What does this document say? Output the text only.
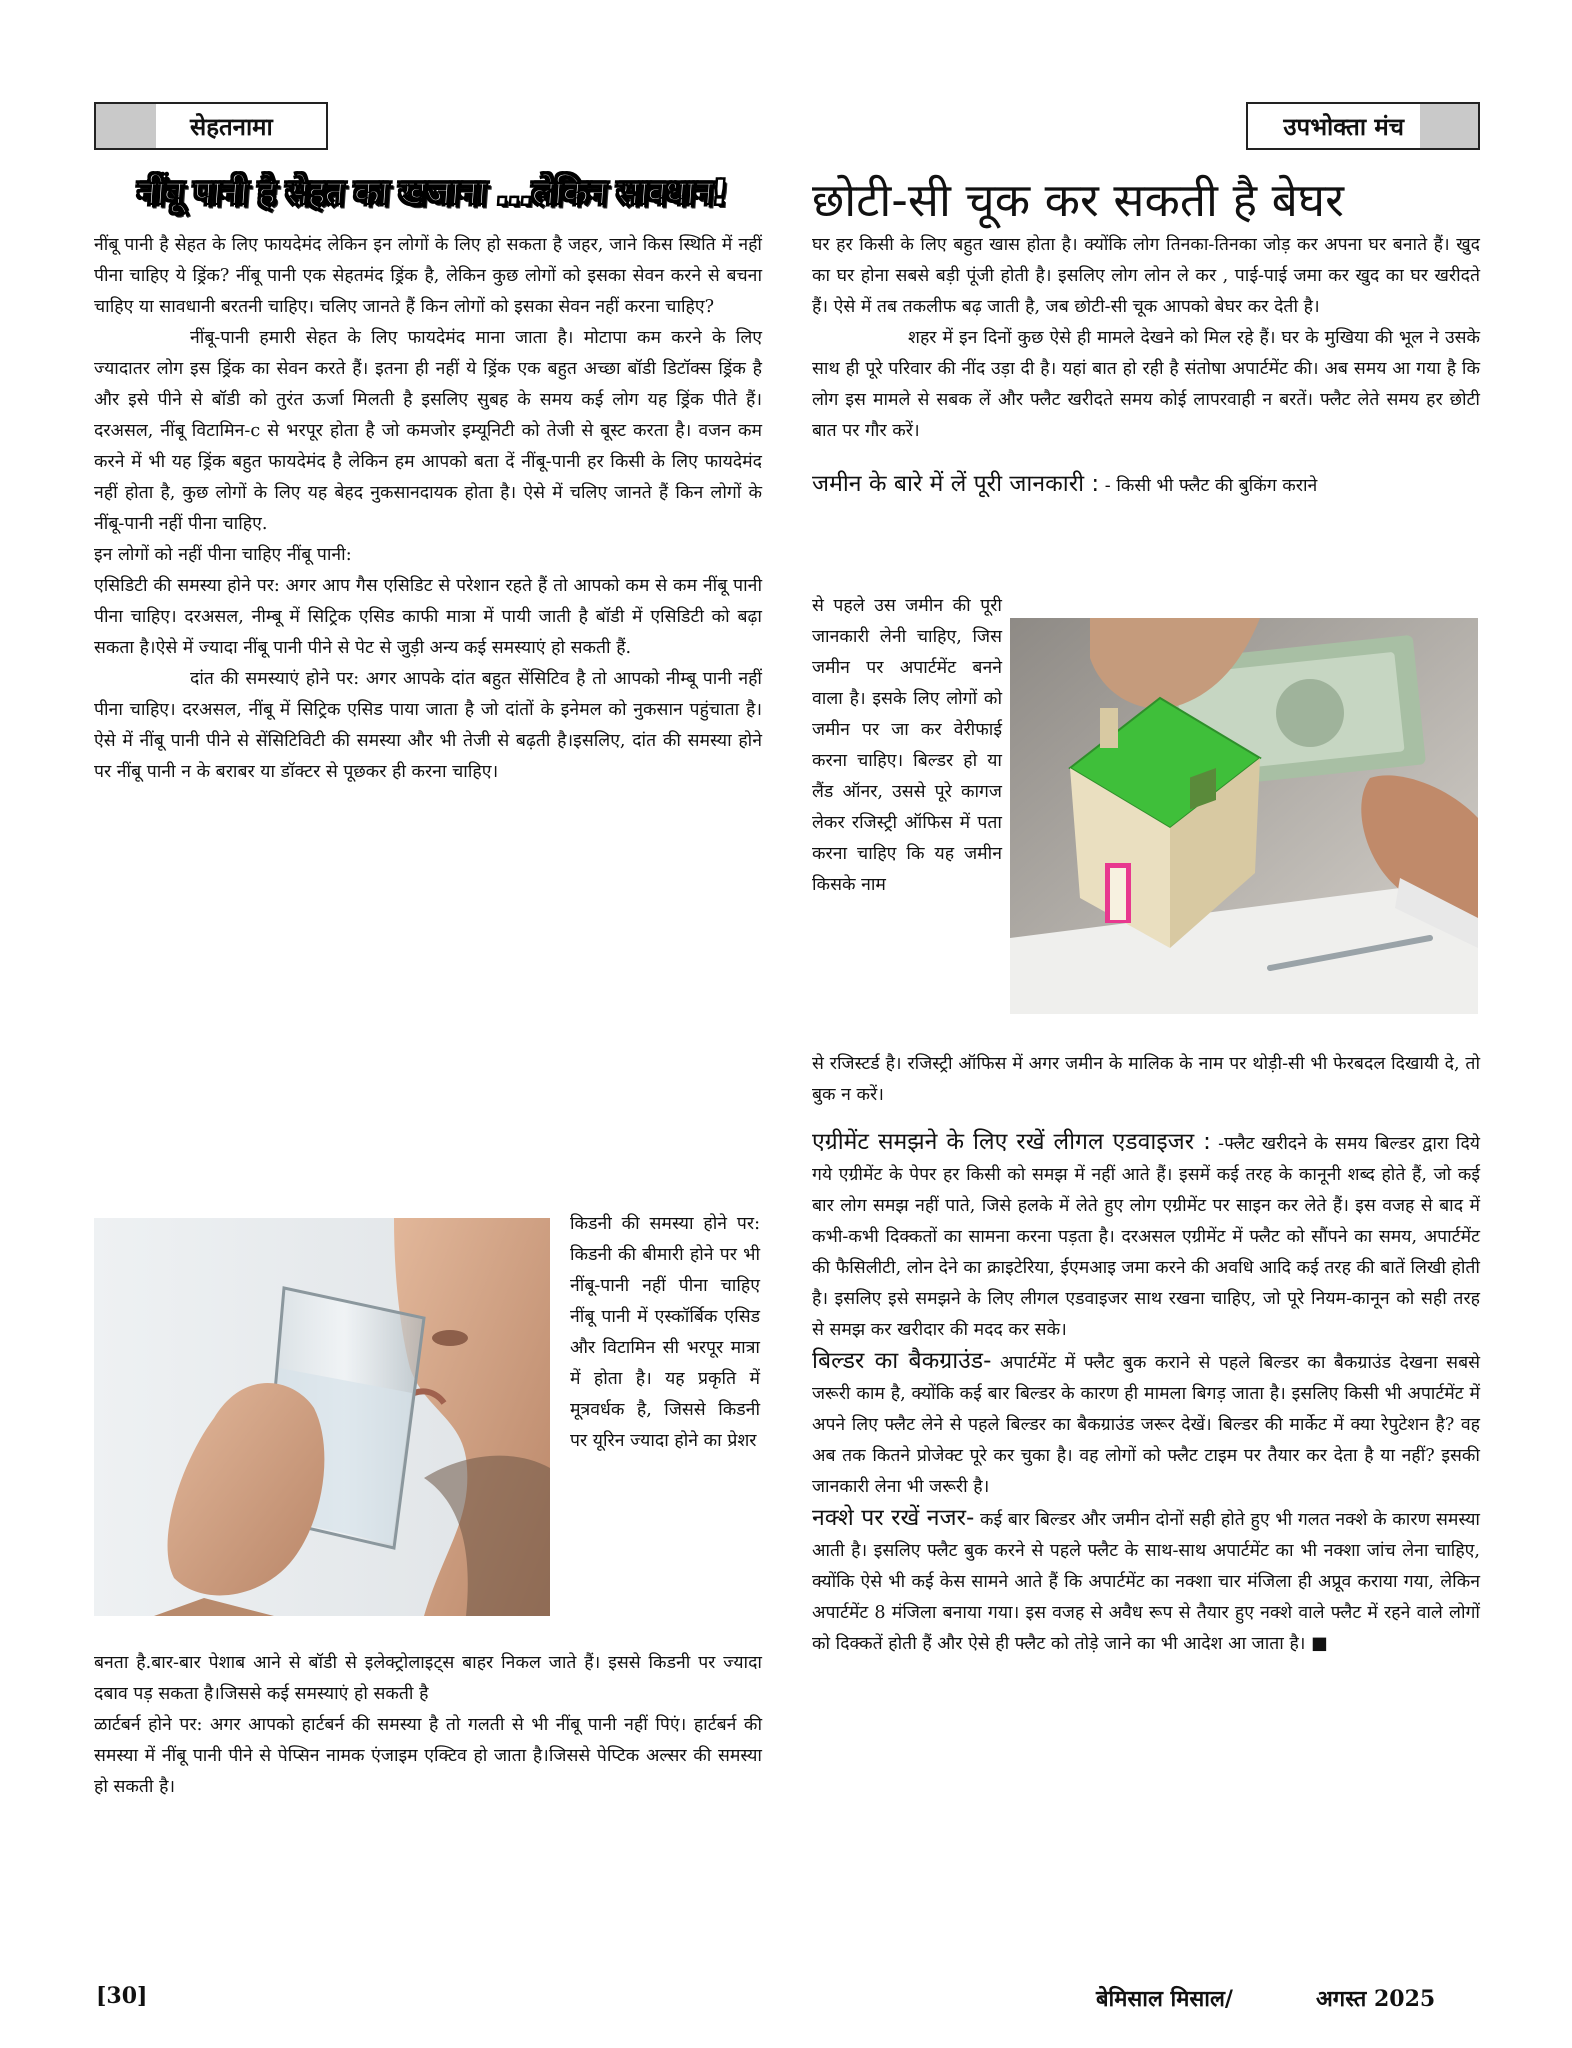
सेहतनामा	उपभोक्ता मंच
नींबू पानी है सेहत का खजाना ...लेकिन सावधान!	छोटी-सी चूक कर सकती है बेघर

नींबू पानी है सेहत के लिए फायदेमंद लेकिन इन लोगों के लिए हो सकता है जहर, जाने किस स्थिति में नहीं पीना चाहिए ये ड्रिंक? नींबू पानी एक सेहतमंद ड्रिंक है, लेकिन कुछ लोगों को इसका सेवन करने से बचना चाहिए या सावधानी बरतनी चाहिए। चलिए जानते हैं किन लोगों को इसका सेवन नहीं करना चाहिए?

नींबू-पानी हमारी सेहत के लिए फायदेमंद माना जाता है। मोटापा कम करने के लिए ज्यादातर लोग इस ड्रिंक का सेवन करते हैं। इतना ही नहीं ये ड्रिंक एक बहुत अच्छा बॉडी डिटॉक्स ड्रिंक है और इसे पीने से बॉडी को तुरंत ऊर्जा मिलती है इसलिए सुबह के समय कई लोग यह ड्रिंक पीते हैं। दरअसल, नींबू विटामिन-c से भरपूर होता है जो कमजोर इम्यूनिटी को तेजी से बूस्ट करता है। वजन कम करने में भी यह ड्रिंक बहुत फायदेमंद है लेकिन हम आपको बता दें नींबू-पानी हर किसी के लिए फायदेमंद नहीं होता है, कुछ लोगों के लिए यह बेहद नुकसानदायक होता है। ऐसे में चलिए जानते हैं किन लोगों के नींबू-पानी नहीं पीना चाहिए.

इन लोगों को नहीं पीना चाहिए नींबू पानी:

एसिडिटी की समस्या होने पर: अगर आप गैस एसिडिट से परेशान रहते हैं तो आपको कम से कम नींबू पानी पीना चाहिए। दरअसल, नीम्बू में सिट्रिक एसिड काफी मात्रा में पायी जाती है बॉडी में एसिडिटी को बढ़ा सकता है।ऐसे में ज्यादा नींबू पानी पीने से पेट से जुड़ी अन्य कई समस्याएं हो सकती हैं.

दांत की समस्याएं होने पर: अगर आपके दांत बहुत सेंसिटिव है तो आपको नीम्बू पानी नहीं पीना चाहिए। दरअसल, नींबू में सिट्रिक एसिड पाया जाता है जो दांतों के इनेमल को नुकसान पहुंचाता है।ऐसे में नींबू पानी पीने से सेंसिटिविटी की समस्या और भी तेजी से बढ़ती है।इसलिए, दांत की समस्या होने पर नींबू पानी न के बराबर या डॉक्टर से पूछकर ही करना चाहिए।

किडनी की समस्या होने पर: किडनी की बीमारी होने पर भी नींबू-पानी नहीं पीना चाहिए नींबू पानी में एस्कॉर्बिक एसिड और विटामिन सी भरपूर मात्रा में होता है। यह प्रकृति में मूत्रवर्धक है, जिससे किडनी पर यूरिन ज्यादा होने का प्रेशर

बनता है.बार-बार पेशाब आने से बॉडी से इलेक्ट्रोलाइट्स बाहर निकल जाते हैं। इससे किडनी पर ज्यादा दबाव पड़ सकता है।जिससे कई समस्याएं हो सकती है

ळार्टबर्न होने पर: अगर आपको हार्टबर्न की समस्या है तो गलती से भी नींबू पानी नहीं पिएं। हार्टबर्न की समस्या में नींबू पानी पीने से पेप्सिन नामक एंजाइम एक्टिव हो जाता है।जिससे पेप्टिक अल्सर की समस्या हो सकती है।

घर हर किसी के लिए बहुत खास होता है। क्योंकि लोग तिनका-तिनका जोड़ कर अपना घर बनाते हैं। खुद का घर होना सबसे बड़ी पूंजी होती है। इसलिए लोग लोन ले कर , पाई-पाई जमा कर खुद का घर खरीदते हैं। ऐसे में तब तकलीफ बढ़ जाती है, जब छोटी-सी चूक आपको बेघर कर देती है।

शहर में इन दिनों कुछ ऐसे ही मामले देखने को मिल रहे हैं। घर के मुखिया की भूल ने उसके साथ ही पूरे परिवार की नींद उड़ा दी है। यहां बात हो रही है संतोषा अपार्टमेंट की। अब समय आ गया है कि लोग इस मामले से सबक लें और फ्लैट खरीदते समय कोई लापरवाही न बरतें। फ्लैट लेते समय हर छोटी बात पर गौर करें।

जमीन के बारे में लें पूरी जानकारी : - किसी भी फ्लैट की बुकिंग कराने

से पहले उस जमीन की पूरी जानकारी लेनी चाहिए, जिस जमीन पर अपार्टमेंट बनने वाला है। इसके लिए लोगों को जमीन पर जा कर वेरीफाई करना चाहिए। बिल्डर हो या लैंड ऑनर, उससे पूरे कागज लेकर रजिस्ट्री ऑफिस में पता करना चाहिए कि यह जमीन किसके नाम

से रजिस्टर्ड है। रजिस्ट्री ऑफिस में अगर जमीन के मालिक के नाम पर थोड़ी-सी भी फेरबदल दिखायी दे, तो बुक न करें।

एग्रीमेंट समझने के लिए रखें लीगल एडवाइजर : -फ्लैट खरीदने के समय बिल्डर द्वारा दिये गये एग्रीमेंट के पेपर हर किसी को समझ में नहीं आते हैं। इसमें कई तरह के कानूनी शब्द होते हैं, जो कई बार लोग समझ नहीं पाते, जिसे हलके में लेते हुए लोग एग्रीमेंट पर साइन कर लेते हैं। इस वजह से बाद में कभी-कभी दिक्कतों का सामना करना पड़ता है। दरअसल एग्रीमेंट में फ्लैट को सौंपने का समय, अपार्टमेंट की फैसिलीटी, लोन देने का क्राइटेरिया, ईएमआइ जमा करने की अवधि आदि कई तरह की बातें लिखी होती है। इसलिए इसे समझने के लिए लीगल एडवाइजर साथ रखना चाहिए, जो पूरे नियम-कानून को सही तरह से समझ कर खरीदार की मदद कर सके।

बिल्डर का बैकग्राउंड- अपार्टमेंट में फ्लैट बुक कराने से पहले बिल्डर का बैकग्राउंड देखना सबसे जरूरी काम है, क्योंकि कई बार बिल्डर के कारण ही मामला बिगड़ जाता है। इसलिए किसी भी अपार्टमेंट में अपने लिए फ्लैट लेने से पहले बिल्डर का बैकग्राउंड जरूर देखें। बिल्डर की मार्केट में क्या रेपुटेशन है? वह अब तक कितने प्रोजेक्ट पूरे कर चुका है। वह लोगों को फ्लैट टाइम पर तैयार कर देता है या नहीं? इसकी जानकारी लेना भी जरूरी है।

नक्शे पर रखें नजर- कई बार बिल्डर और जमीन दोनों सही होते हुए भी गलत नक्शे के कारण समस्या आती है। इसलिए फ्लैट बुक करने से पहले फ्लैट के साथ-साथ अपार्टमेंट का भी नक्शा जांच लेना चाहिए, क्योंकि ऐसे भी कई केस सामने आते हैं कि अपार्टमेंट का नक्शा चार मंजिला ही अप्रूव कराया गया, लेकिन अपार्टमेंट 8 मंजिला बनाया गया। इस वजह से अवैध रूप से तैयार हुए नक्शे वाले फ्लैट में रहने वाले लोगों को दिक्कतें होती हैं और ऐसे ही फ्लैट को तोड़े जाने का भी आदेश आ जाता है। ■

[30]	बेमिसाल मिसाल/	अगस्त 2025
